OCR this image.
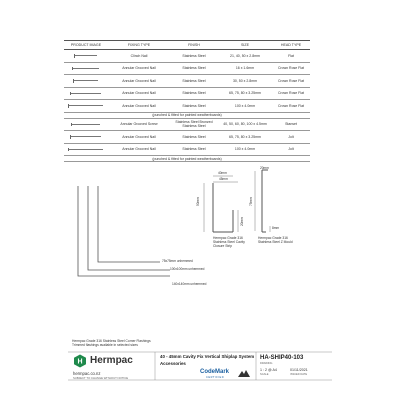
PRODUCT IMAGE	FIXING TYPE	FINISH	SIZE	HEAD TYPE
	Clinch Nail	Stainless Steel	21, 40, 50 x 2.8mm	Flat
	Annular Grooved Nail	Stainless Steel	16 x 1.6mm	Crown Rose Flat
	Annular Grooved Nail	Stainless Steel	30, 50 x 2.8mm	Crown Rose Flat
	Annular Grooved Nail	Stainless Steel	65, 75, 80 x 3.25mm	Crown Rose Flat
	Annular Grooved Nail	Stainless Steel	100 x 4.0mm	Crown Rose Flat
(punched & fitted for painted weatherboards)				
	Annular Grooved Screw	Stainless Steel Bronzed Stainless Steel	40, 50, 60, 80, 100 x 4.5mm	Stanset
	Annular Grooved Nail	Stainless Steel	65, 75, 80 x 3.25mm	Jolt
	Annular Grooved Nail	Stainless Steel	100 x 4.0mm	Jolt
(punched & fitted for painted weatherboards)				
40mm
45mm
50mm
20mm
Hermpac Grade 316
Stainless Steel Cavity
Closure Strip
20mm
75mm
8mm
Hermpac Grade 316
Stainless Steel Z Mould
75x75mm unhemmed
100x100mm unhemmed
140x140mm unhemmed
Hermpac Grade 316 Stainless Steel Corner Flashings
Trimmed flashings available in selected sizes
H Hermpac
hermpac.co.nz
SUBJECT TO CHANGE WITHOUT NOTICE
40 - 45mm Cavity Fix Vertical Shiplap System
Accessories
CodeMark
CERTIFIED
HA-SHIP40-103
DRAWING
1 : 2 @ A4
SCALE
01/11/2021
ISSUED DATE
